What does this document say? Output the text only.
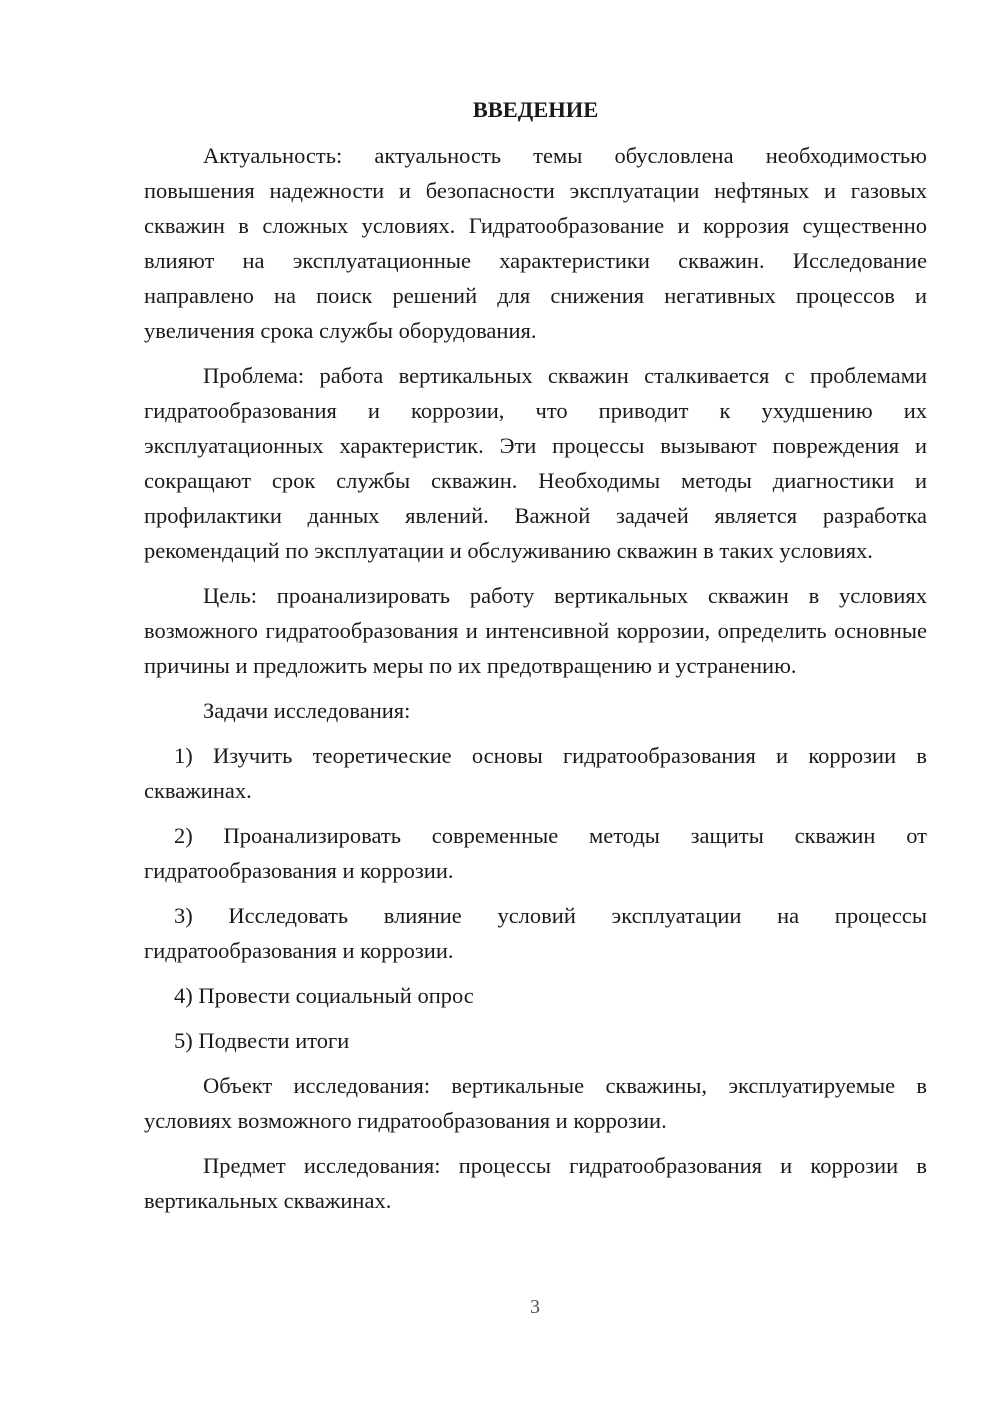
ВВЕДЕНИЕ

Актуальность: актуальность темы обусловлена необходимостью повышения надежности и безопасности эксплуатации нефтяных и газовых скважин в сложных условиях. Гидратообразование и коррозия существенно влияют на эксплуатационные характеристики скважин. Исследование направлено на поиск решений для снижения негативных процессов и увеличения срока службы оборудования.

Проблема: работа вертикальных скважин сталкивается с проблемами гидратообразования и коррозии, что приводит к ухудшению их эксплуатационных характеристик. Эти процессы вызывают повреждения и сокращают срок службы скважин. Необходимы методы диагностики и профилактики данных явлений. Важной задачей является разработка рекомендаций по эксплуатации и обслуживанию скважин в таких условиях.

Цель: проанализировать работу вертикальных скважин в условиях возможного гидратообразования и интенсивной коррозии, определить основные причины и предложить меры по их предотвращению и устранению.

Задачи исследования:

1) Изучить теоретические основы гидратообразования и коррозии в скважинах.

2) Проанализировать современные методы защиты скважин от гидратообразования и коррозии.

3) Исследовать влияние условий эксплуатации на процессы гидратообразования и коррозии.

4) Провести социальный опрос

5) Подвести итоги

Объект исследования: вертикальные скважины, эксплуатируемые в условиях возможного гидратообразования и коррозии.

Предмет исследования: процессы гидратообразования и коррозии в вертикальных скважинах.

3
